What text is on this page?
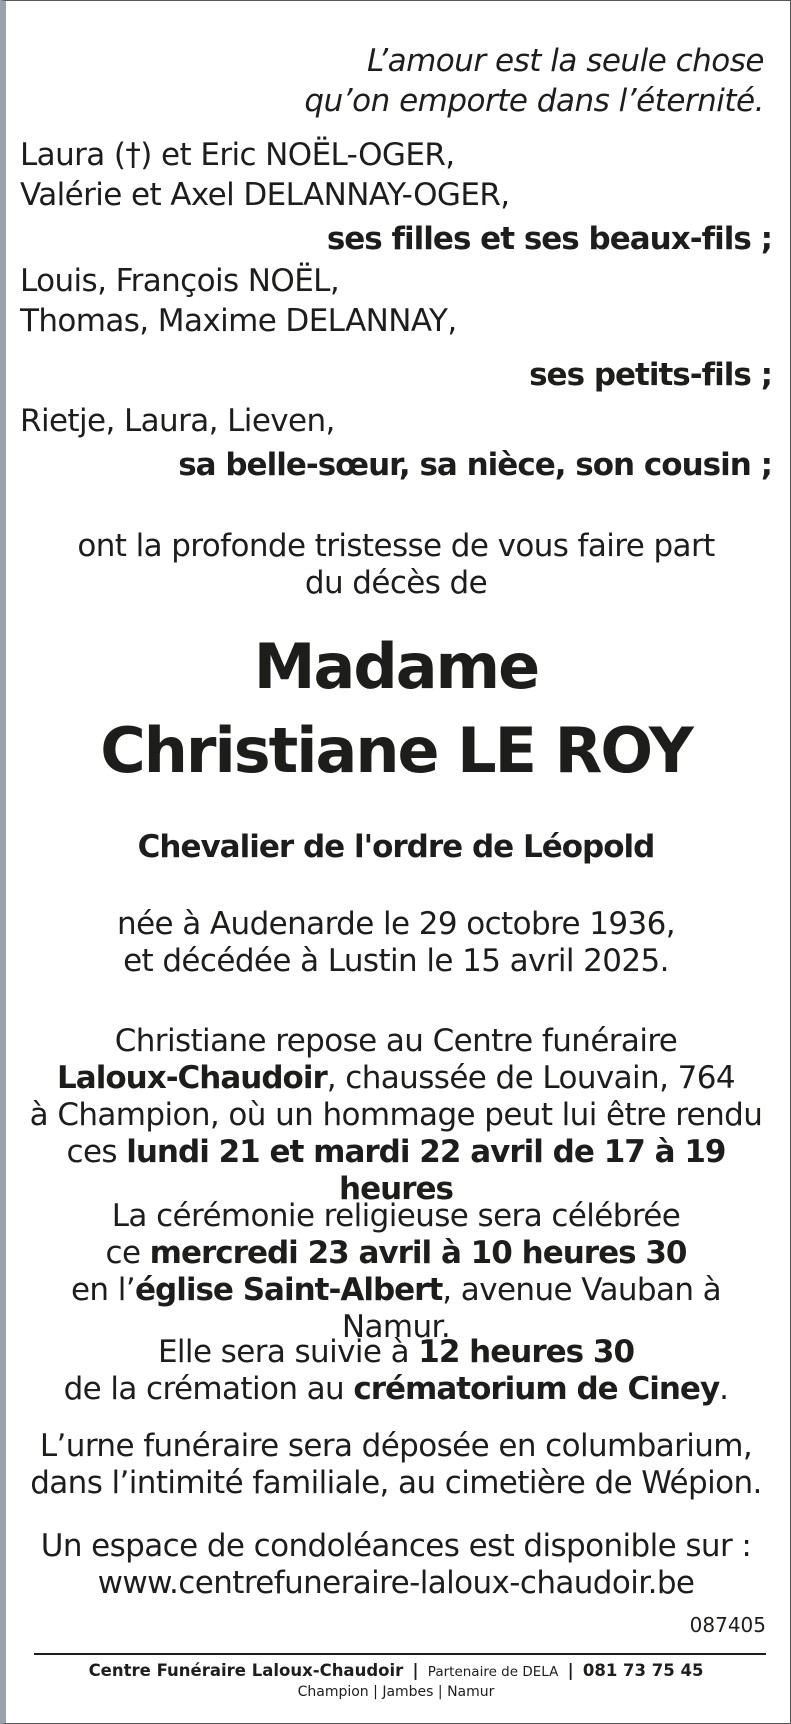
L’amour est la seule chose
qu’on emporte dans l’éternité.
Laura (†) et Eric NOËL-OGER,
Valérie et Axel DELANNAY-OGER,
ses filles et ses beaux-fils ;
Louis, François NOËL,
Thomas, Maxime DELANNAY,
ses petits-fils ;
Rietje, Laura, Lieven,
sa belle-sœur, sa nièce, son cousin ;
ont la profonde tristesse de vous faire part
du décès de
Madame
Christiane LE ROY
Chevalier de l'ordre de Léopold
née à Audenarde le 29 octobre 1936,
et décédée à Lustin le 15 avril 2025.
Christiane repose au Centre funéraire
Laloux-Chaudoir, chaussée de Louvain, 764
à Champion, où un hommage peut lui être rendu
ces lundi 21 et mardi 22 avril de 17 à 19 heures
La cérémonie religieuse sera célébrée
ce mercredi 23 avril à 10 heures 30
en l’église Saint-Albert, avenue Vauban à Namur.
Elle sera suivie à 12 heures 30
de la crémation au crématorium de Ciney.
L’urne funéraire sera déposée en columbarium,
dans l’intimité familiale, au cimetière de Wépion.
Un espace de condoléances est disponible sur :
www.centrefuneraire-laloux-chaudoir.be
087405
Centre Funéraire Laloux-Chaudoir | Partenaire de DELA | 081 73 75 45
Champion | Jambes | Namur
